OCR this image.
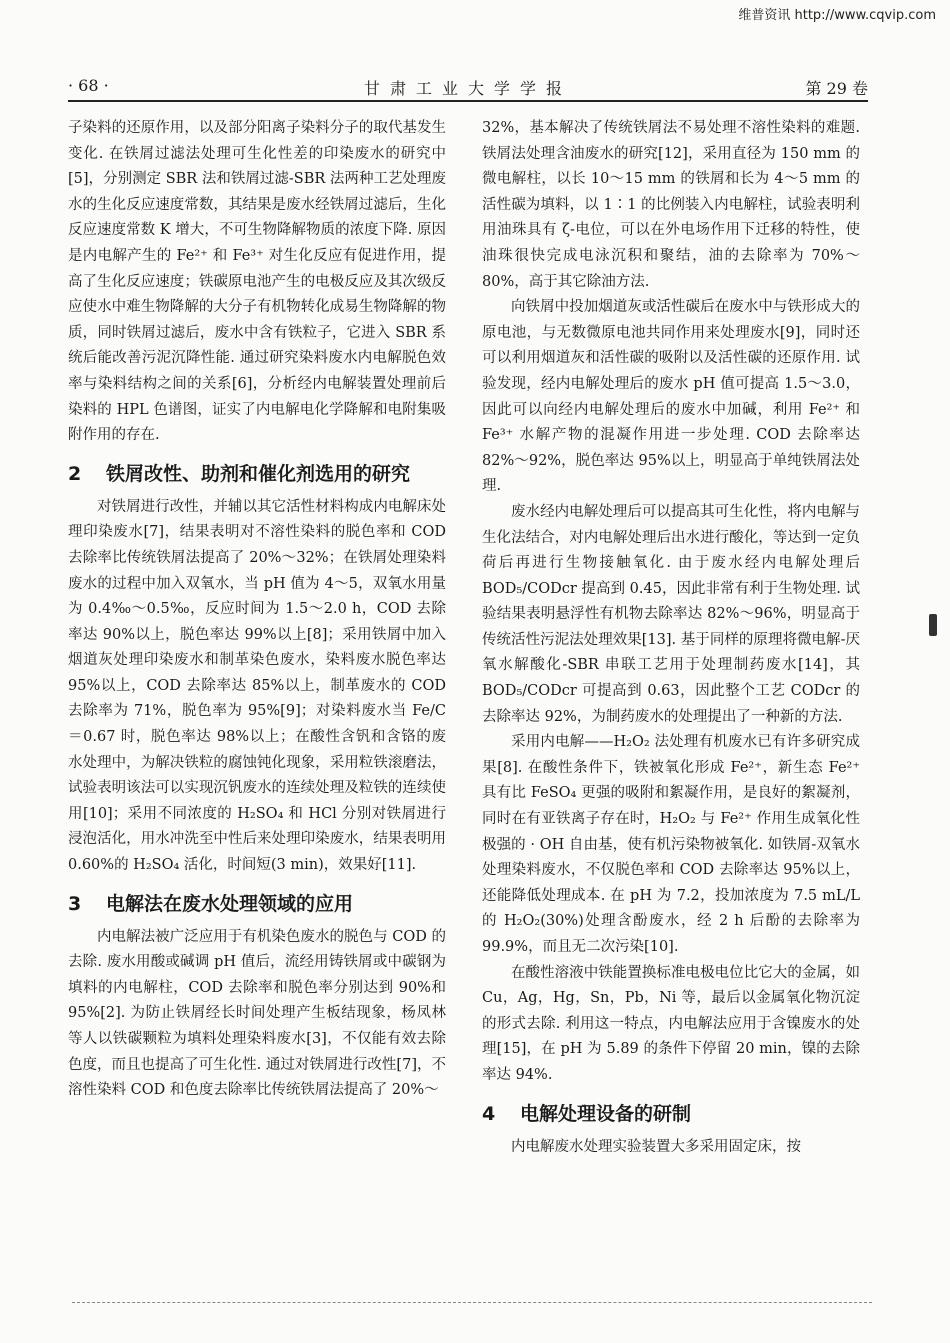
维普资讯 http://www.cqvip.com
· 68 ·	甘肃工业大学学报	第 29 卷

子染料的还原作用，以及部分阳离子染料分子的取代基发生变化. 在铁屑过滤法处理可生化性差的印染废水的研究中[5]，分别测定 SBR 法和铁屑过滤-SBR 法两种工艺处理废水的生化反应速度常数，其结果是废水经铁屑过滤后，生化反应速度常数 K 增大，不可生物降解物质的浓度下降. 原因是内电解产生的 Fe²⁺ 和 Fe³⁺ 对生化反应有促进作用，提高了生化反应速度；铁碳原电池产生的电极反应及其次级反应使水中难生物降解的大分子有机物转化成易生物降解的物质，同时铁屑过滤后，废水中含有铁粒子，它进入 SBR 系统后能改善污泥沉降性能. 通过研究染料废水内电解脱色效率与染料结构之间的关系[6]，分析经内电解装置处理前后染料的 HPL 色谱图，证实了内电解电化学降解和电附集吸附作用的存在.

2	铁屑改性、助剂和催化剂选用的研究

对铁屑进行改性，并辅以其它活性材料构成内电解床处理印染废水[7]，结果表明对不溶性染料的脱色率和 COD 去除率比传统铁屑法提高了 20%～32%；在铁屑处理染料废水的过程中加入双氧水，当 pH 值为 4～5，双氧水用量为 0.4‰～0.5‰，反应时间为 1.5～2.0 h，COD 去除率达 90%以上，脱色率达 99%以上[8]；采用铁屑中加入烟道灰处理印染废水和制革染色废水，染料废水脱色率达 95%以上，COD 去除率达 85%以上，制革废水的 COD 去除率为 71%，脱色率为 95%[9]；对染料废水当 Fe/C＝0.67 时，脱色率达 98%以上；在酸性含钒和含铬的废水处理中，为解决铁粒的腐蚀钝化现象，采用粒铁滚磨法，试验表明该法可以实现沉钒废水的连续处理及粒铁的连续使用[10]；采用不同浓度的 H₂SO₄ 和 HCl 分别对铁屑进行浸泡活化，用水冲洗至中性后来处理印染废水，结果表明用 0.60%的 H₂SO₄ 活化，时间短(3 min)，效果好[11].

3	电解法在废水处理领域的应用

内电解法被广泛应用于有机染色废水的脱色与 COD 的去除. 废水用酸或碱调 pH 值后，流经用铸铁屑或中碳钢为填料的内电解柱，COD 去除率和脱色率分别达到 90%和 95%[2]. 为防止铁屑经长时间处理产生板结现象，杨凤林等人以铁碳颗粒为填料处理染料废水[3]，不仅能有效去除色度，而且也提高了可生化性. 通过对铁屑进行改性[7]，不溶性染料 COD 和色度去除率比传统铁屑法提高了 20%～

32%，基本解决了传统铁屑法不易处理不溶性染料的难题. 铁屑法处理含油废水的研究[12]，采用直径为 150 mm 的微电解柱，以长 10～15 mm 的铁屑和长为 4～5 mm 的活性碳为填料，以 1∶1 的比例装入内电解柱，试验表明利用油珠具有 ζ-电位，可以在外电场作用下迁移的特性，使油珠很快完成电泳沉积和聚结，油的去除率为 70%～80%，高于其它除油方法.

向铁屑中投加烟道灰或活性碳后在废水中与铁形成大的原电池，与无数微原电池共同作用来处理废水[9]，同时还可以利用烟道灰和活性碳的吸附以及活性碳的还原作用. 试验发现，经内电解处理后的废水 pH 值可提高 1.5～3.0，因此可以向经内电解处理后的废水中加碱，利用 Fe²⁺ 和 Fe³⁺ 水解产物的混凝作用进一步处理. COD 去除率达 82%～92%，脱色率达 95%以上，明显高于单纯铁屑法处理.

废水经内电解处理后可以提高其可生化性，将内电解与生化法结合，对内电解处理后出水进行酸化，等达到一定负荷后再进行生物接触氧化. 由于废水经内电解处理后 BOD₅/CODcr 提高到 0.45，因此非常有利于生物处理. 试验结果表明悬浮性有机物去除率达 82%～96%，明显高于传统活性污泥法处理效果[13]. 基于同样的原理将微电解-厌氧水解酸化-SBR 串联工艺用于处理制药废水[14]，其 BOD₅/CODcr 可提高到 0.63，因此整个工艺 CODcr 的去除率达 92%，为制药废水的处理提出了一种新的方法.

采用内电解——H₂O₂ 法处理有机废水已有许多研究成果[8]. 在酸性条件下，铁被氧化形成 Fe²⁺，新生态 Fe²⁺ 具有比 FeSO₄ 更强的吸附和絮凝作用，是良好的絮凝剂，同时在有亚铁离子存在时，H₂O₂ 与 Fe²⁺ 作用生成氧化性极强的 · OH 自由基，使有机污染物被氧化. 如铁屑-双氧水处理染料废水，不仅脱色率和 COD 去除率达 95%以上，还能降低处理成本. 在 pH 为 7.2，投加浓度为 7.5 mL/L 的 H₂O₂(30%)处理含酚废水，经 2 h 后酚的去除率为 99.9%，而且无二次污染[10].

在酸性溶液中铁能置换标准电极电位比它大的金属，如 Cu，Ag，Hg，Sn，Pb，Ni 等，最后以金属氧化物沉淀的形式去除. 利用这一特点，内电解法应用于含镍废水的处理[15]，在 pH 为 5.89 的条件下停留 20 min，镍的去除率达 94%.

4	电解处理设备的研制

内电解废水处理实验装置大多采用固定床，按
